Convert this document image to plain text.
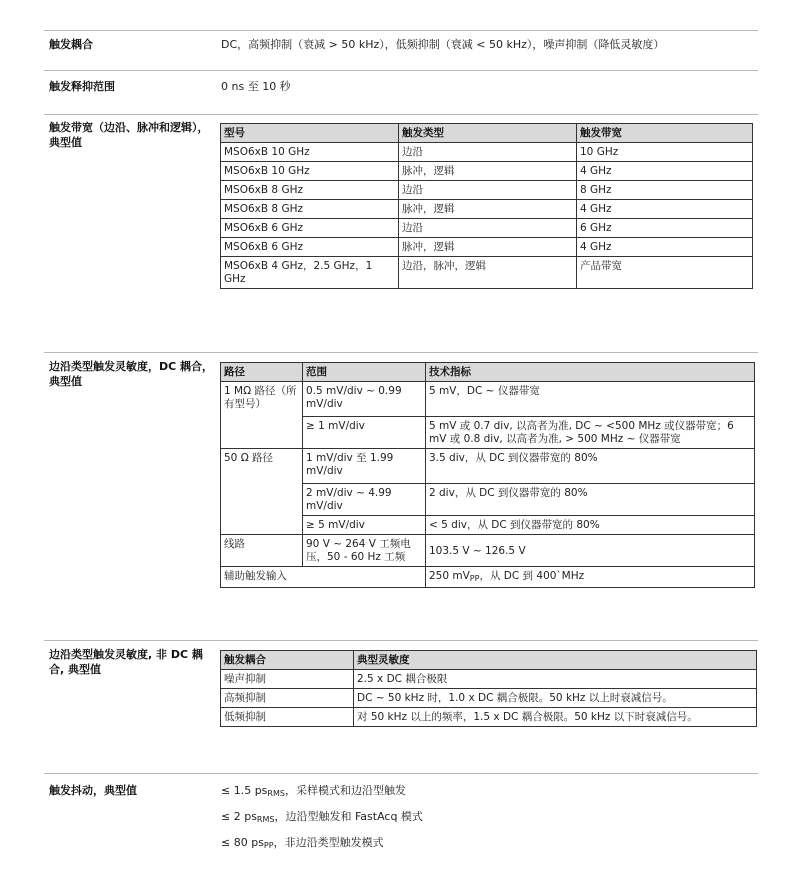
触发耦合	DC，高频抑制（衰减 > 50 kHz），低频抑制（衰减 < 50 kHz），噪声抑制（降低灵敏度）
触发释抑范围	0 ns 至 10 秒
触发带宽（边沿、脉冲和逻辑），典型值
型号	触发类型	触发带宽
MSO6xB 10 GHz	边沿	10 GHz
MSO6xB 10 GHz	脉冲，逻辑	4 GHz
MSO6xB 8 GHz	边沿	8 GHz
MSO6xB 8 GHz	脉冲，逻辑	4 GHz
MSO6xB 6 GHz	边沿	6 GHz
MSO6xB 6 GHz	脉冲，逻辑	4 GHz
MSO6xB 4 GHz，2.5 GHz，1 GHz	边沿，脉冲，逻辑	产品带宽
边沿类型触发灵敏度，DC 耦合，典型值
路径	范围	技术指标
1 MΩ 路径（所有型号）	0.5 mV/div ~ 0.99 mV/div	5 mV，DC ~ 仪器带宽
	≥ 1 mV/div	5 mV 或 0.7 div, 以高者为准, DC ~ <500 MHz 或仪器带宽；6 mV 或 0.8 div, 以高者为准, > 500 MHz ~ 仪器带宽
50 Ω 路径	1 mV/div 至 1.99 mV/div	3.5 div，从 DC 到仪器带宽的 80%
	2 mV/div ~ 4.99 mV/div	2 div，从 DC 到仪器带宽的 80%
	≥ 5 mV/div	< 5 div，从 DC 到仪器带宽的 80%
线路	90 V ~ 264 V 工频电压，50 - 60 Hz 工频	103.5 V ~ 126.5 V
辅助触发输入		250 $mV_{PP}$，从 DC 到 400`MHz
边沿类型触发灵敏度, 非 DC 耦合, 典型值
触发耦合	典型灵敏度
噪声抑制	2.5 x DC 耦合极限
高频抑制	DC ~ 50 kHz 时，1.0 x DC 耦合极限。50 kHz 以上时衰减信号。
低频抑制	对 50 kHz 以上的频率，1.5 x DC 耦合极限。50 kHz 以下时衰减信号。
触发抖动，典型值	≤ 1.5 $ps_{RMS}$，采样模式和边沿型触发
≤ 2 $ps_{RMS}$，边沿型触发和 FastAcq 模式
≤ 80 $ps_{PP}$，非边沿类型触发模式
